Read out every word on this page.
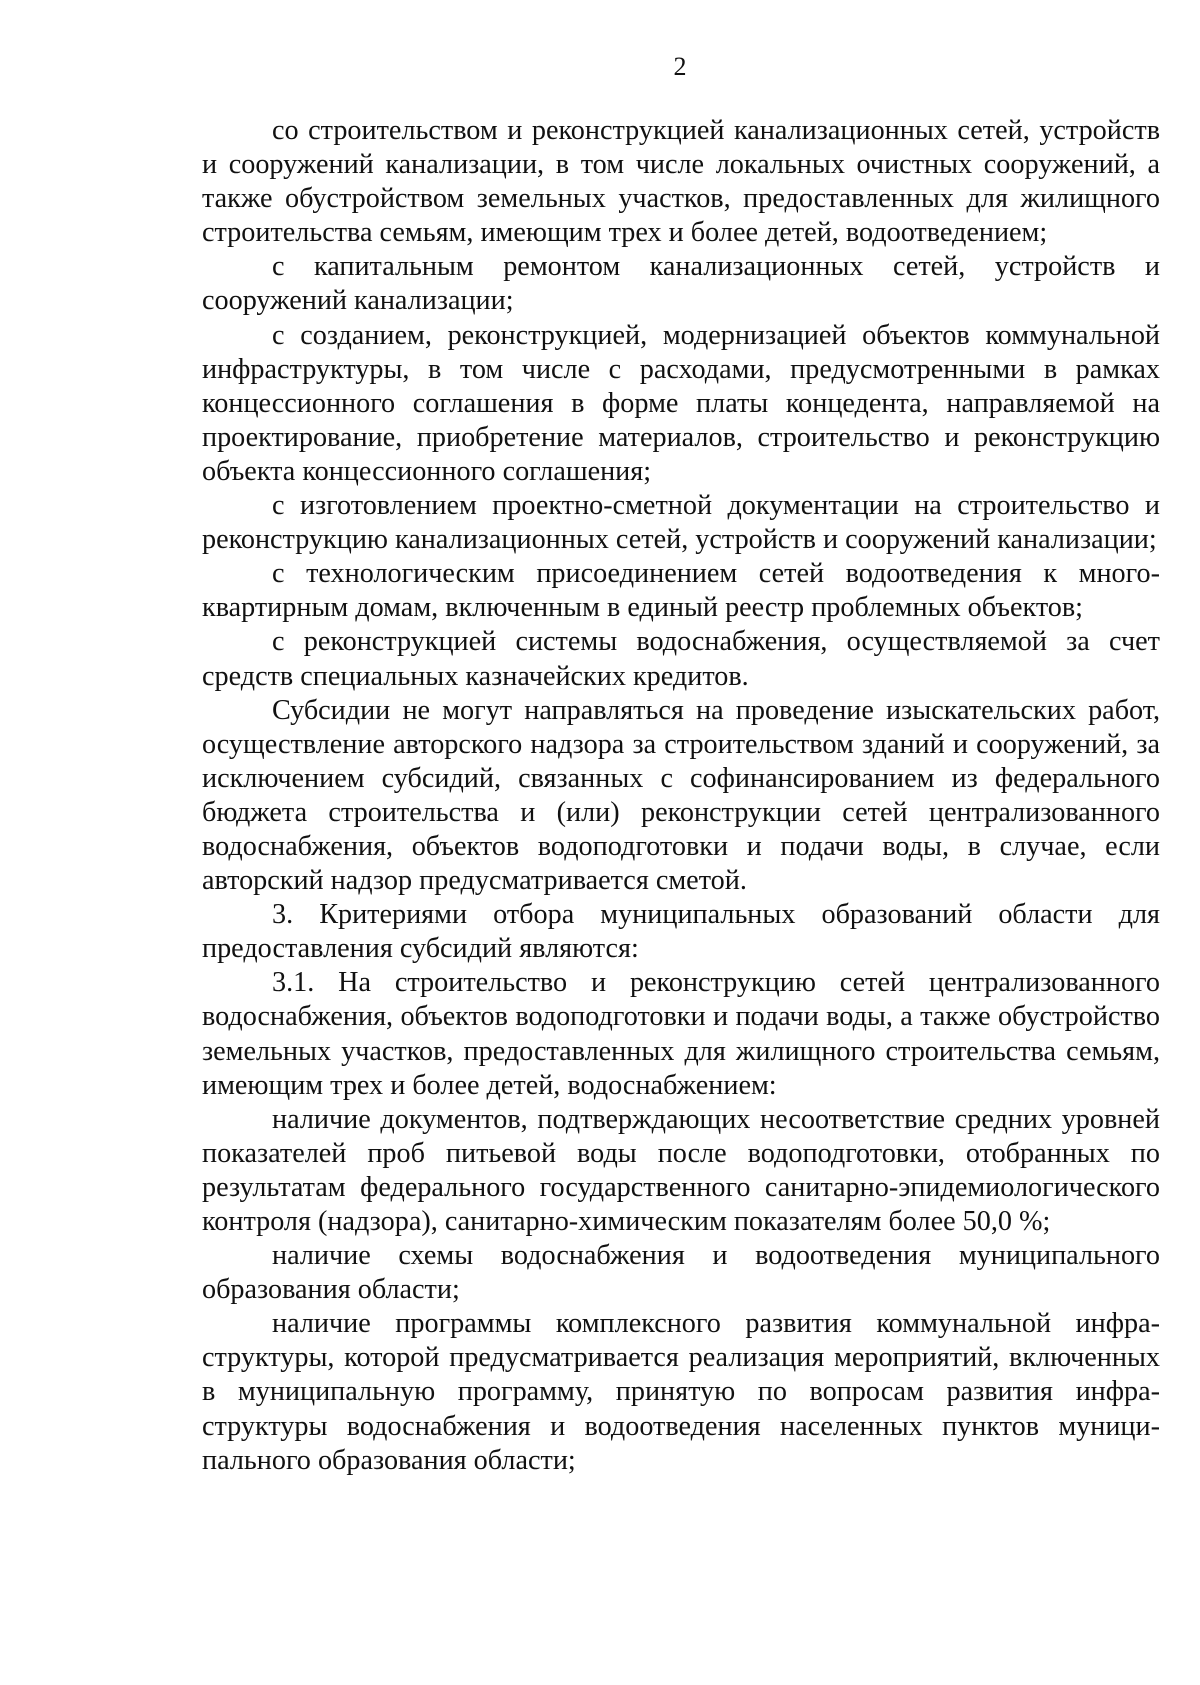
2

со строительством и реконструкцией канализационных сетей, устройств и сооружений канализации, в том числе локальных очистных сооружений, а также обустройством земельных участков, предоставленных для жилищного строительства семьям, имеющим трех и более детей, водоотведением;

с капитальным ремонтом канализационных сетей, устройств и сооружений канализации;

с созданием, реконструкцией, модернизацией объектов коммунальной инфраструктуры, в том числе с расходами, предусмотренными в рамках концессионного соглашения в форме платы концедента, направляемой на проектирование, приобретение материалов, строительство и реконструкцию объекта концессионного соглашения;

с изготовлением проектно-сметной документации на строительство и реконструкцию канализационных сетей, устройств и сооружений канализации;

с технологическим присоединением сетей водоотведения к многоквартирным домам, включенным в единый реестр проблемных объектов;

с реконструкцией системы водоснабжения, осуществляемой за счет средств специальных казначейских кредитов.

Субсидии не могут направляться на проведение изыскательских работ, осуществление авторского надзора за строительством зданий и сооружений, за исключением субсидий, связанных с софинансированием из федерального бюджета строительства и (или) реконструкции сетей централизованного водоснабжения, объектов водоподготовки и подачи воды, в случае, если авторский надзор предусматривается сметой.

3. Критериями отбора муниципальных образований области для предоставления субсидий являются:

3.1. На строительство и реконструкцию сетей централизованного водоснабжения, объектов водоподготовки и подачи воды, а также обустройство земельных участков, предоставленных для жилищного строительства семьям, имеющим трех и более детей, водоснабжением:

наличие документов, подтверждающих несоответствие средних уровней показателей проб питьевой воды после водоподготовки, отобранных по результатам федерального государственного санитарно-эпидемиологического контроля (надзора), санитарно-химическим показателям более 50,0 %;

наличие схемы водоснабжения и водоотведения муниципального образования области;

наличие программы комплексного развития коммунальной инфраструктуры, которой предусматривается реализация мероприятий, включенных в муниципальную программу, принятую по вопросам развития инфраструктуры водоснабжения и водоотведения населенных пунктов муниципального образования области;
